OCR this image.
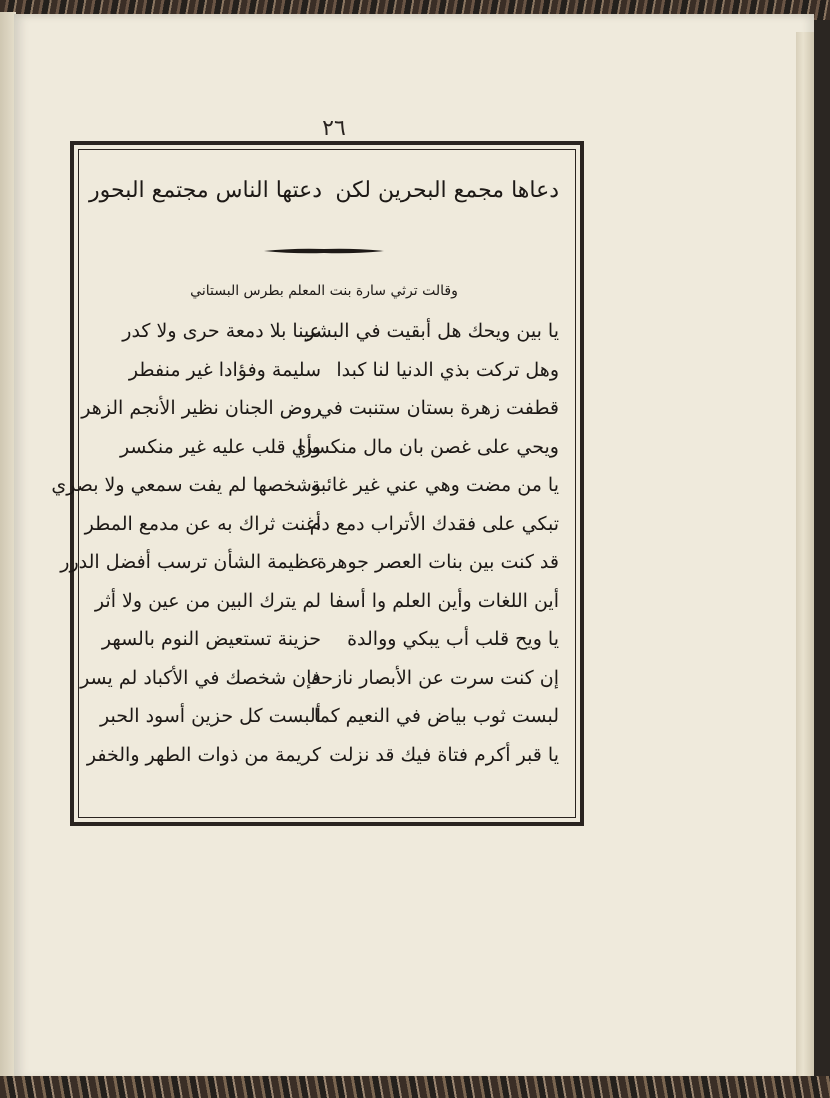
٢٦
دعاها مجمع البحرين لكن
دعتها الناس مجتمع البحور
وقالت ترثي سارة بنت المعلم بطرس البستاني
يا بين ويحك هل أبقيت في البشر
عينا بلا دمعة حرى ولا كدر
وهل تركت بذي الدنيا لنا كبدا
سليمة وفؤادا غير منفطر
قطفت زهرة بستان ستنبت في
روض الجنان نظير الأنجم الزهر
ويحي على غصن بان مال منكسرا
وأي قلب عليه غير منكسر
يا من مضت وهي عني غير غائبة
وشخصها لم يفت سمعي ولا بصري
تبكي على فقدك الأتراب دمع دم
أغنت ثراك به عن مدمع المطر
قد كنت بين بنات العصر جوهرة
عظيمة الشأن ترسب أفضل الدرر
أين اللغات وأين العلم وا أسفا
لم يترك البين من عين ولا أثر
يا ويح قلب أب يبكي ووالدة
حزينة تستعيض النوم بالسهر
إن كنت سرت عن الأبصار نازحة
فإن شخصك في الأكباد لم يسر
لبست ثوب بياض في النعيم كما
ألبست كل حزين أسود الحبر
يا قبر أكرم فتاة فيك قد نزلت
كريمة من ذوات الطهر والخفر
